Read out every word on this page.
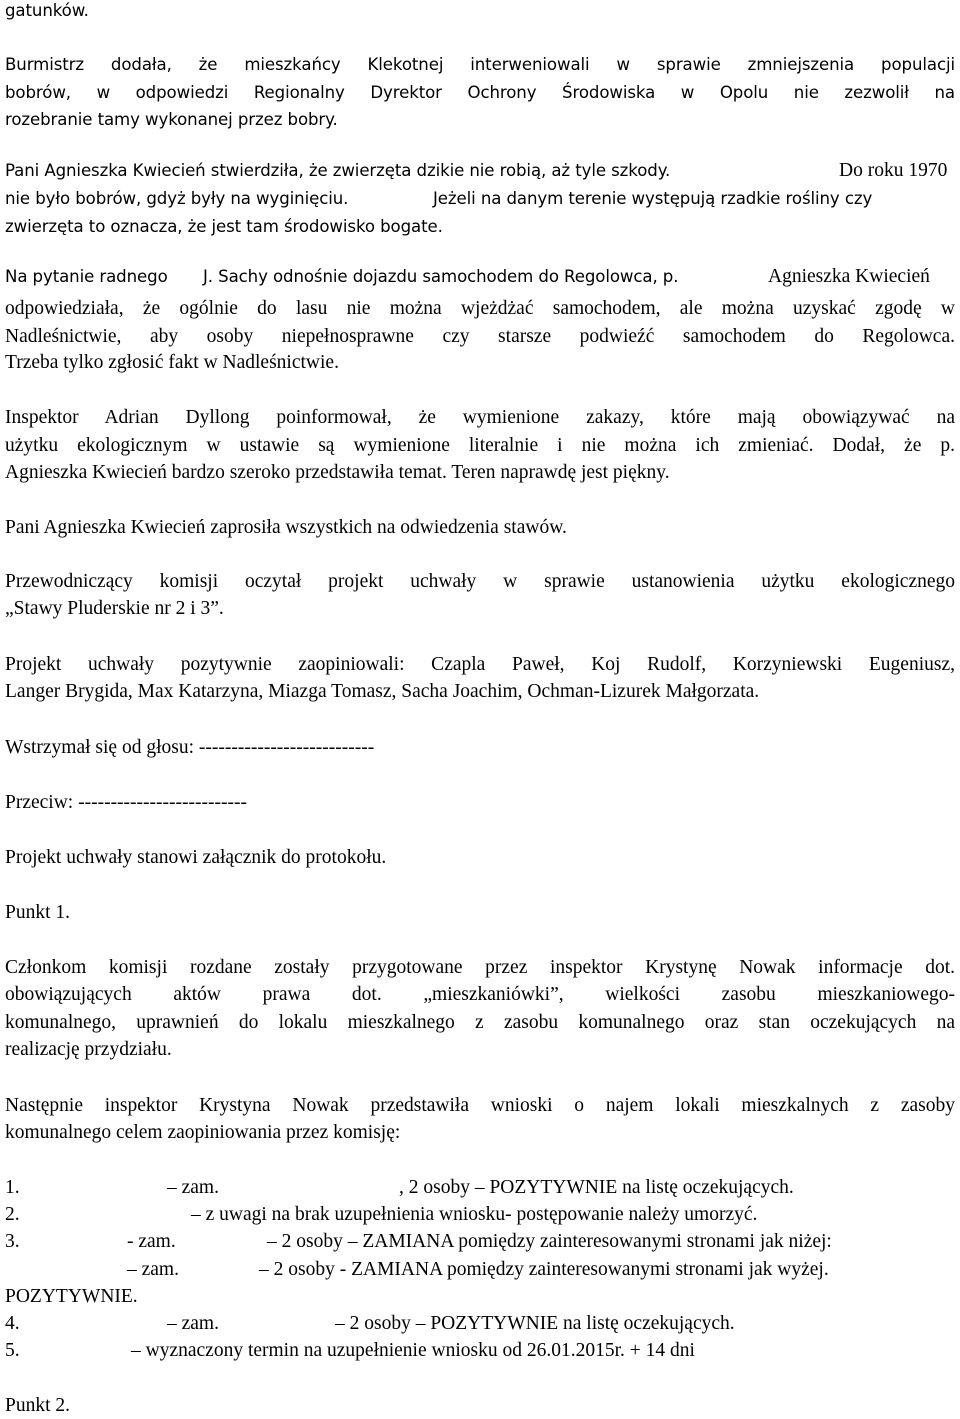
gatunków.
Burmistrz dodała, że mieszkańcy Klekotnej interweniowali w sprawie zmniejszenia populacji
bobrów, w odpowiedzi Regionalny Dyrektor Ochrony Środowiska w Opolu nie zezwolił na
rozebranie tamy wykonanej przez bobry.
Pani Agnieszka Kwiecień stwierdziła, że zwierzęta dzikie nie robią, aż tyle szkody.	Do roku 1970
nie było bobrów, gdyż były na wyginięciu.	Jeżeli na danym terenie występują rzadkie rośliny czy
zwierzęta to oznacza, że jest tam środowisko bogate.
Na pytanie radnego J. Sachy odnośnie dojazdu samochodem do Regolowca, p.	Agnieszka Kwiecień
odpowiedziała, że ogólnie do lasu nie można wjeżdżać samochodem, ale można uzyskać zgodę w
Nadleśnictwie, aby osoby niepełnosprawne czy starsze podwieźć samochodem do Regolowca.
Trzeba tylko zgłosić fakt w Nadleśnictwie.
Inspektor Adrian Dyllong poinformował, że wymienione zakazy, które mają obowiązywać na
użytku ekologicznym w ustawie są wymienione literalnie i nie można ich zmieniać. Dodał, że p.
Agnieszka Kwiecień bardzo szeroko przedstawiła temat. Teren naprawdę jest piękny.
Pani Agnieszka Kwiecień zaprosiła wszystkich na odwiedzenia stawów.
Przewodniczący komisji oczytał projekt uchwały w sprawie ustanowienia użytku ekologicznego
„Stawy Pluderskie nr 2 i 3”.
Projekt uchwały pozytywnie zaopiniowali: Czapla Paweł, Koj Rudolf, Korzyniewski Eugeniusz,
Langer Brygida, Max Katarzyna, Miazga Tomasz, Sacha Joachim, Ochman-Lizurek Małgorzata.
Wstrzymał się od głosu: ---------------------------
Przeciw: --------------------------
Projekt uchwały stanowi załącznik do protokołu.
Punkt 1.
Członkom komisji rozdane zostały przygotowane przez inspektor Krystynę Nowak informacje dot.
obowiązujących aktów prawa dot. „mieszkaniówki”, wielkości zasobu mieszkaniowego-
komunalnego, uprawnień do lokalu mieszkalnego z zasobu komunalnego oraz stan oczekujących na
realizację przydziału.
Następnie inspektor Krystyna Nowak przedstawiła wnioski o najem lokali mieszkalnych z zasoby
komunalnego celem zaopiniowania przez komisję:
1.	– zam.	, 2 osoby – POZYTYWNIE na listę oczekujących.
2.	– z uwagi na brak uzupełnienia wniosku- postępowanie należy umorzyć.
3.	- zam.	– 2 osoby – ZAMIANA pomiędzy zainteresowanymi stronami jak niżej:
– zam.	– 2 osoby - ZAMIANA pomiędzy zainteresowanymi stronami jak wyżej.
POZYTYWNIE.
4.	– zam.	– 2 osoby – POZYTYWNIE na listę oczekujących.
5.	– wyznaczony termin na uzupełnienie wniosku od 26.01.2015r. + 14 dni
Punkt 2.
